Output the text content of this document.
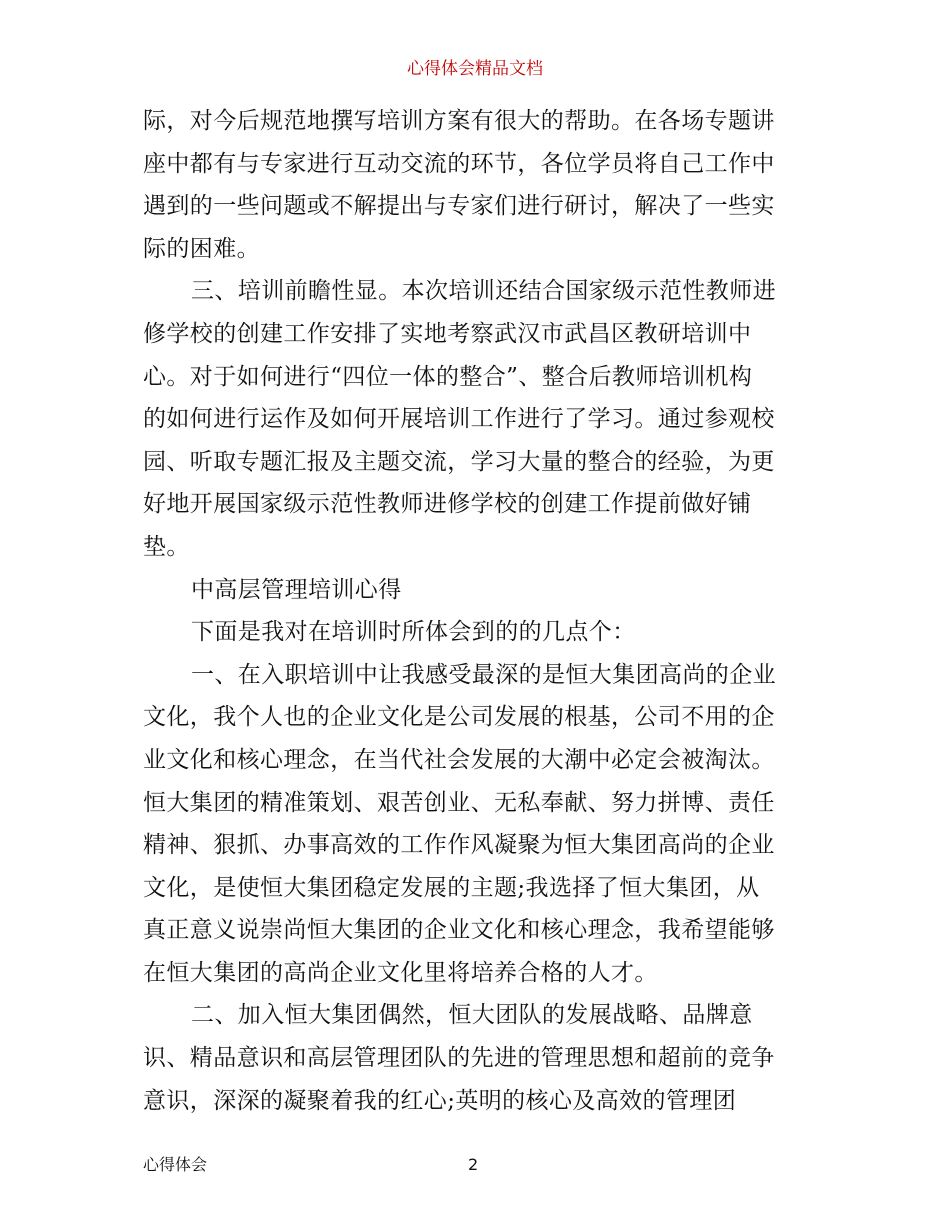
心得体会精品文档
际，对今后规范地撰写培训方案有很大的帮助。在各场专题讲
座中都有与专家进行互动交流的环节，各位学员将自己工作中
遇到的一些问题或不解提出与专家们进行研讨，解决了一些实
际的困难。
三、培训前瞻性显。本次培训还结合国家级示范性教师进
修学校的创建工作安排了实地考察武汉市武昌区教研培训中
心。对于如何进行“四位一体的整合”、整合后教师培训机构
的如何进行运作及如何开展培训工作进行了学习。通过参观校
园、听取专题汇报及主题交流，学习大量的整合的经验，为更
好地开展国家级示范性教师进修学校的创建工作提前做好铺
垫。
中高层管理培训心得
下面是我对在培训时所体会到的的几点个：
一、在入职培训中让我感受最深的是恒大集团高尚的企业
文化，我个人也的企业文化是公司发展的根基，公司不用的企
业文化和核心理念，在当代社会发展的大潮中必定会被淘汰。
恒大集团的精准策划、艰苦创业、无私奉献、努力拼博、责任
精神、狠抓、办事高效的工作作风凝聚为恒大集团高尚的企业
文化，是使恒大集团稳定发展的主题;我选择了恒大集团，从
真正意义说崇尚恒大集团的企业文化和核心理念，我希望能够
在恒大集团的高尚企业文化里将培养合格的人才。
二、加入恒大集团偶然，恒大团队的发展战略、品牌意
识、精品意识和高层管理团队的先进的管理思想和超前的竞争
意识，深深的凝聚着我的红心;英明的核心及高效的管理团
心得体会	2
